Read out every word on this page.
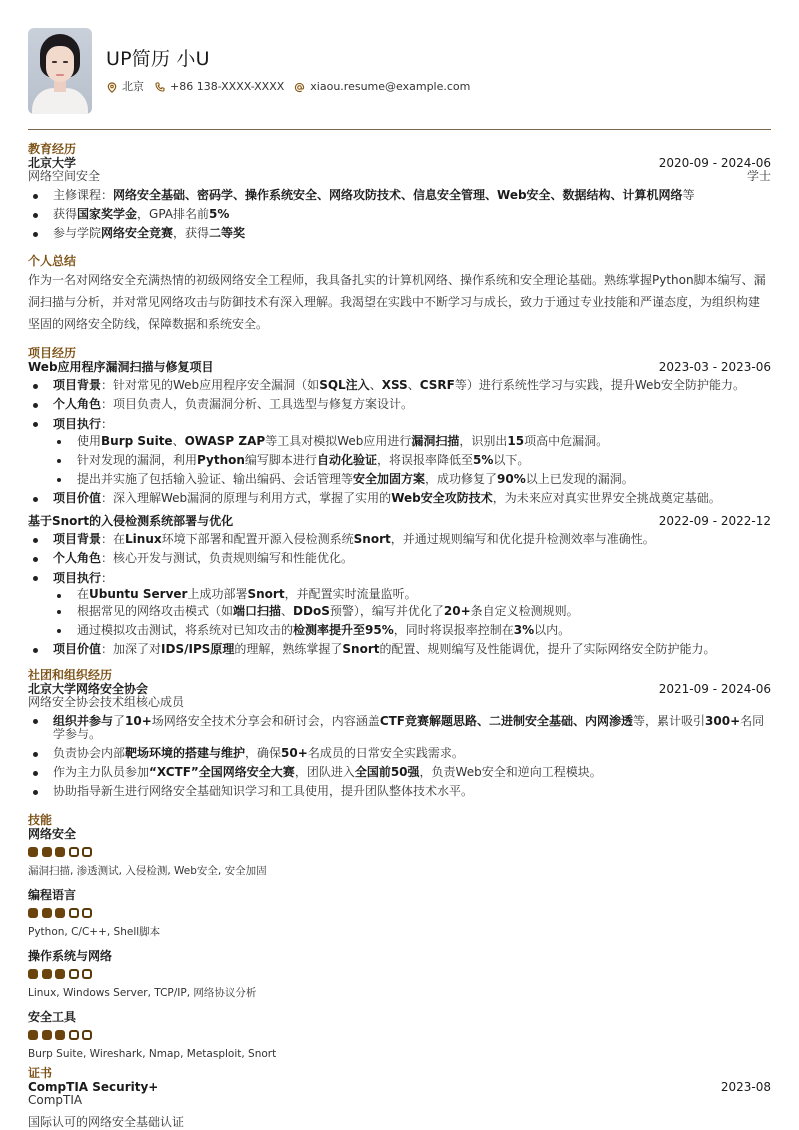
UP简历 小U
北京 +86 138-XXXX-XXXX xiaou.resume@example.com
教育经历
北京大学	2020-09 - 2024-06
网络空间安全	学士
主修课程：网络安全基础、密码学、操作系统安全、网络攻防技术、信息安全管理、Web安全、数据结构、计算机网络等
获得国家奖学金，GPA排名前5%
参与学院网络安全竞赛，获得二等奖
个人总结
作为一名对网络安全充满热情的初级网络安全工程师，我具备扎实的计算机网络、操作系统和安全理论基础。熟练掌握Python脚本编写、漏洞扫描与分析，并对常见网络攻击与防御技术有深入理解。我渴望在实践中不断学习与成长，致力于通过专业技能和严谨态度，为组织构建坚固的网络安全防线，保障数据和系统安全。
项目经历
Web应用程序漏洞扫描与修复项目	2023-03 - 2023-06
项目背景：针对常见的Web应用程序安全漏洞（如SQL注入、XSS、CSRF等）进行系统性学习与实践，提升Web安全防护能力。
个人角色：项目负责人，负责漏洞分析、工具选型与修复方案设计。
项目执行：
使用Burp Suite、OWASP ZAP等工具对模拟Web应用进行漏洞扫描，识别出15项高中危漏洞。
针对发现的漏洞，利用Python编写脚本进行自动化验证，将误报率降低至5%以下。
提出并实施了包括输入验证、输出编码、会话管理等安全加固方案，成功修复了90%以上已发现的漏洞。
项目价值：深入理解Web漏洞的原理与利用方式，掌握了实用的Web安全攻防技术，为未来应对真实世界安全挑战奠定基础。
基于Snort的入侵检测系统部署与优化	2022-09 - 2022-12
项目背景：在Linux环境下部署和配置开源入侵检测系统Snort，并通过规则编写和优化提升检测效率与准确性。
个人角色：核心开发与测试，负责规则编写和性能优化。
项目执行：
在Ubuntu Server上成功部署Snort，并配置实时流量监听。
根据常见的网络攻击模式（如端口扫描、DDoS预警），编写并优化了20+条自定义检测规则。
通过模拟攻击测试，将系统对已知攻击的检测率提升至95%，同时将误报率控制在3%以内。
项目价值：加深了对IDS/IPS原理的理解，熟练掌握了Snort的配置、规则编写及性能调优，提升了实际网络安全防护能力。
社团和组织经历
北京大学网络安全协会	2021-09 - 2024-06
网络安全协会技术组核心成员
组织并参与了10+场网络安全技术分享会和研讨会，内容涵盖CTF竞赛解题思路、二进制安全基础、内网渗透等，累计吸引300+名同学参与。
负责协会内部靶场环境的搭建与维护，确保50+名成员的日常安全实践需求。
作为主力队员参加“XCTF”全国网络安全大赛，团队进入全国前50强，负责Web安全和逆向工程模块。
协助指导新生进行网络安全基础知识学习和工具使用，提升团队整体技术水平。
技能
网络安全
漏洞扫描, 渗透测试, 入侵检测, Web安全, 安全加固
编程语言
Python, C/C++, Shell脚本
操作系统与网络
Linux, Windows Server, TCP/IP, 网络协议分析
安全工具
Burp Suite, Wireshark, Nmap, Metasploit, Snort
证书
CompTIA Security+	2023-08
CompTIA
国际认可的网络安全基础认证
